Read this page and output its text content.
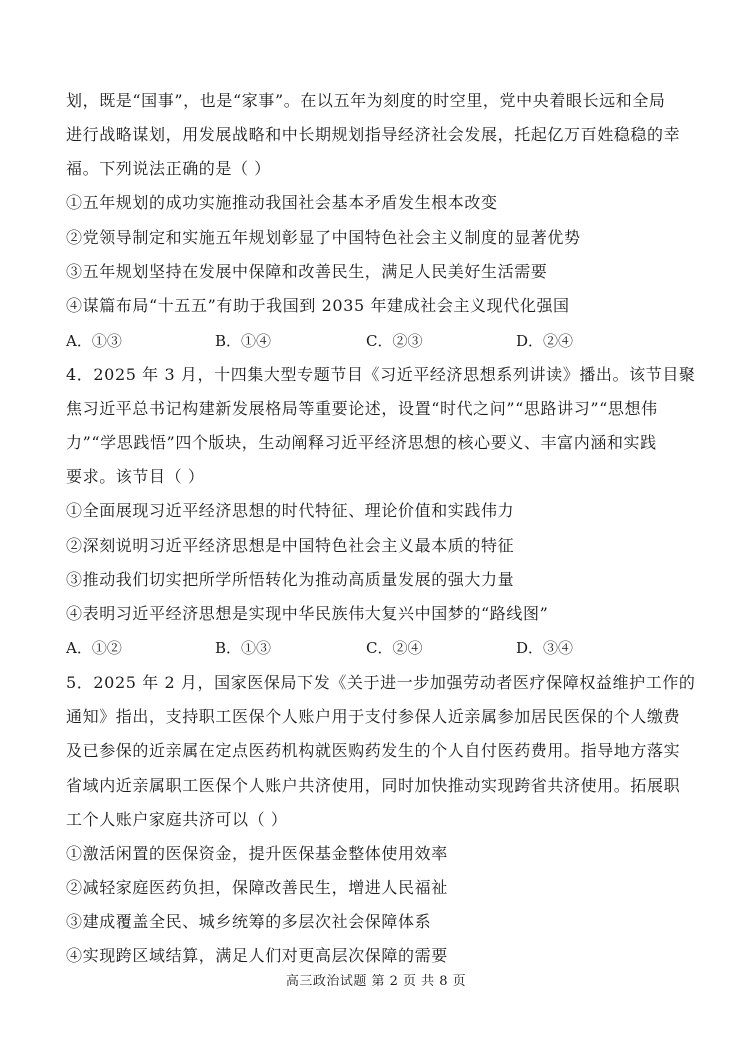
划，既是“国事”，也是“家事”。在以五年为刻度的时空里，党中央着眼长远和全局
进行战略谋划，用发展战略和中长期规划指导经济社会发展，托起亿万百姓稳稳的幸
福。下列说法正确的是（ ）
①五年规划的成功实施推动我国社会基本矛盾发生根本改变
②党领导制定和实施五年规划彰显了中国特色社会主义制度的显著优势
③五年规划坚持在发展中保障和改善民生，满足人民美好生活需要
④谋篇布局“十五五”有助于我国到 2035 年建成社会主义现代化强国
A．①③	B．①④	C．②③	D．②④
4．2025 年 3 月，十四集大型专题节目《习近平经济思想系列讲读》播出。该节目聚
焦习近平总书记构建新发展格局等重要论述，设置“时代之问”“思路讲习”“思想伟
力”“学思践悟”四个版块，生动阐释习近平经济思想的核心要义、丰富内涵和实践
要求。该节目（ ）
①全面展现习近平经济思想的时代特征、理论价值和实践伟力
②深刻说明习近平经济思想是中国特色社会主义最本质的特征
③推动我们切实把所学所悟转化为推动高质量发展的强大力量
④表明习近平经济思想是实现中华民族伟大复兴中国梦的“路线图”
A．①②	B．①③	C．②④	D．③④
5．2025 年 2 月，国家医保局下发《关于进一步加强劳动者医疗保障权益维护工作的
通知》指出，支持职工医保个人账户用于支付参保人近亲属参加居民医保的个人缴费
及已参保的近亲属在定点医药机构就医购药发生的个人自付医药费用。指导地方落实
省域内近亲属职工医保个人账户共济使用，同时加快推动实现跨省共济使用。拓展职
工个人账户家庭共济可以（ ）
①激活闲置的医保资金，提升医保基金整体使用效率
②减轻家庭医药负担，保障改善民生，增进人民福祉
③建成覆盖全民、城乡统筹的多层次社会保障体系
④实现跨区域结算，满足人们对更高层次保障的需要
高三政治试题 第 2 页 共 8 页
